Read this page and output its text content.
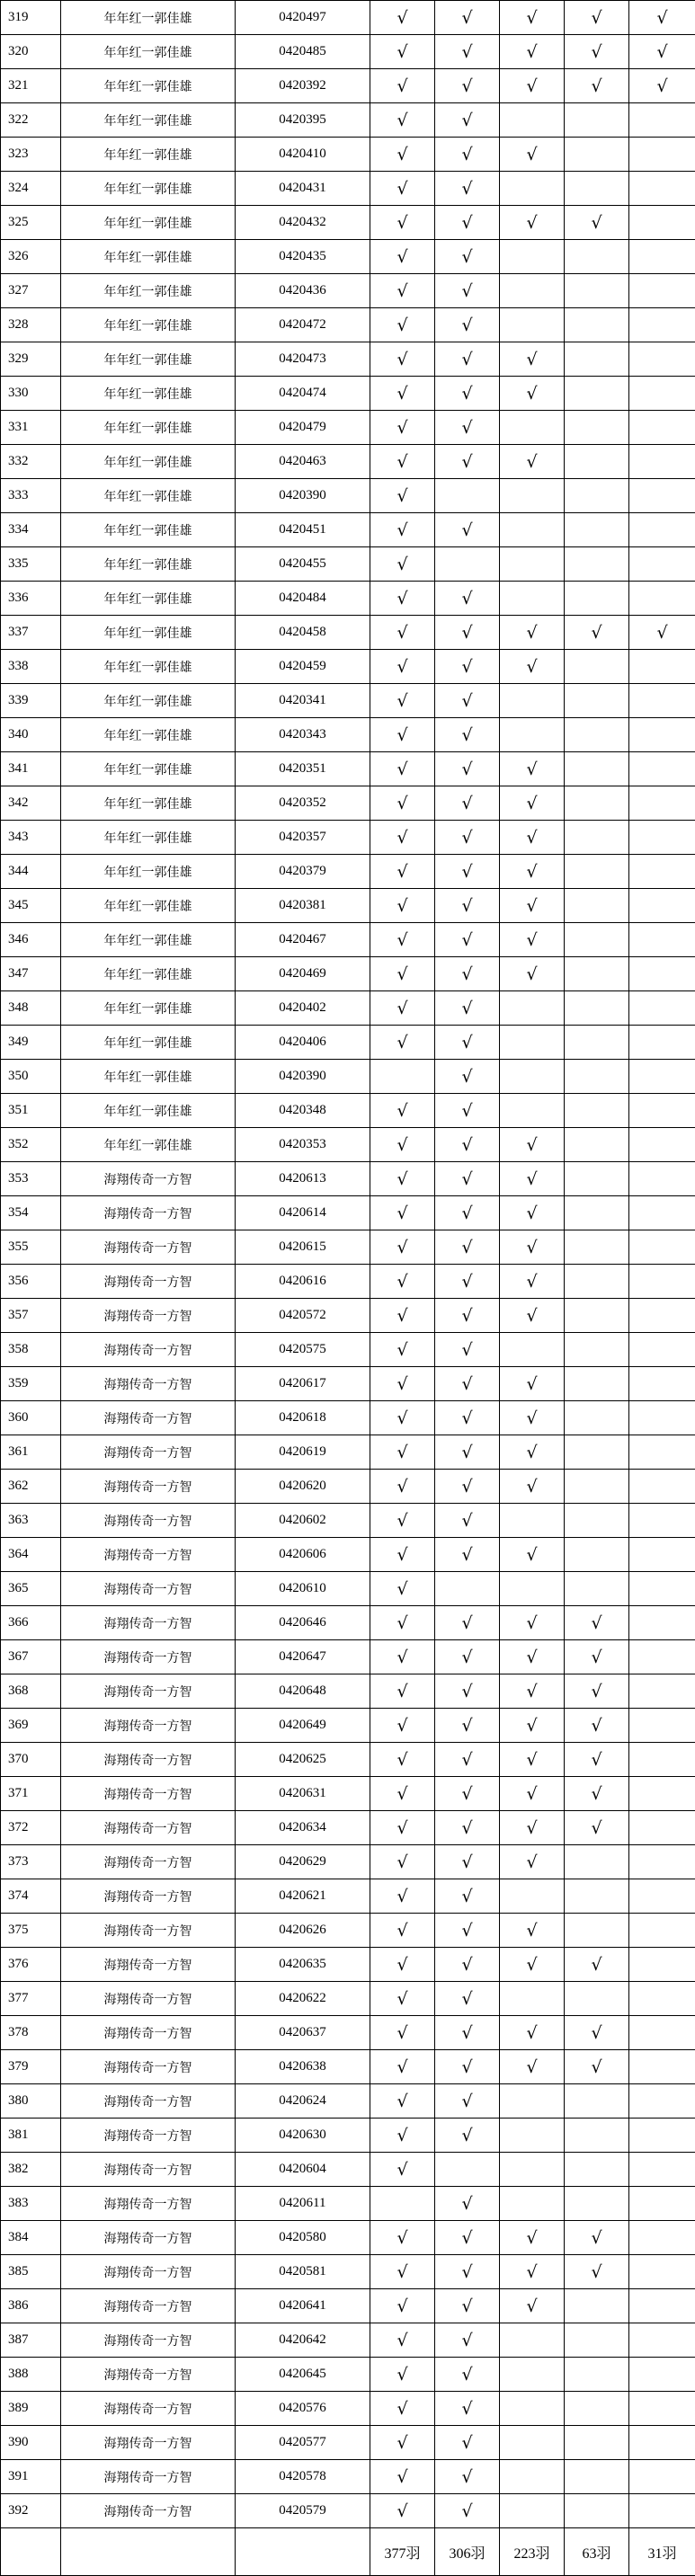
319	年年红一郭佳雄	0420497	√	√	√	√	√
320	年年红一郭佳雄	0420485	√	√	√	√	√
321	年年红一郭佳雄	0420392	√	√	√	√	√
322	年年红一郭佳雄	0420395	√	√			
323	年年红一郭佳雄	0420410	√	√	√		
324	年年红一郭佳雄	0420431	√	√			
325	年年红一郭佳雄	0420432	√	√	√	√	
326	年年红一郭佳雄	0420435	√	√			
327	年年红一郭佳雄	0420436	√	√			
328	年年红一郭佳雄	0420472	√	√			
329	年年红一郭佳雄	0420473	√	√	√		
330	年年红一郭佳雄	0420474	√	√	√		
331	年年红一郭佳雄	0420479	√	√			
332	年年红一郭佳雄	0420463	√	√	√		
333	年年红一郭佳雄	0420390	√				
334	年年红一郭佳雄	0420451	√	√			
335	年年红一郭佳雄	0420455	√				
336	年年红一郭佳雄	0420484	√	√			
337	年年红一郭佳雄	0420458	√	√	√	√	√
338	年年红一郭佳雄	0420459	√	√	√		
339	年年红一郭佳雄	0420341	√	√			
340	年年红一郭佳雄	0420343	√	√			
341	年年红一郭佳雄	0420351	√	√	√		
342	年年红一郭佳雄	0420352	√	√	√		
343	年年红一郭佳雄	0420357	√	√	√		
344	年年红一郭佳雄	0420379	√	√	√		
345	年年红一郭佳雄	0420381	√	√	√		
346	年年红一郭佳雄	0420467	√	√	√		
347	年年红一郭佳雄	0420469	√	√	√		
348	年年红一郭佳雄	0420402	√	√			
349	年年红一郭佳雄	0420406	√	√			
350	年年红一郭佳雄	0420390		√			
351	年年红一郭佳雄	0420348	√	√			
352	年年红一郭佳雄	0420353	√	√	√		
353	海翔传奇一方智	0420613	√	√	√		
354	海翔传奇一方智	0420614	√	√	√		
355	海翔传奇一方智	0420615	√	√	√		
356	海翔传奇一方智	0420616	√	√	√		
357	海翔传奇一方智	0420572	√	√	√		
358	海翔传奇一方智	0420575	√	√			
359	海翔传奇一方智	0420617	√	√	√		
360	海翔传奇一方智	0420618	√	√	√		
361	海翔传奇一方智	0420619	√	√	√		
362	海翔传奇一方智	0420620	√	√	√		
363	海翔传奇一方智	0420602	√	√			
364	海翔传奇一方智	0420606	√	√	√		
365	海翔传奇一方智	0420610	√				
366	海翔传奇一方智	0420646	√	√	√	√	
367	海翔传奇一方智	0420647	√	√	√	√	
368	海翔传奇一方智	0420648	√	√	√	√	
369	海翔传奇一方智	0420649	√	√	√	√	
370	海翔传奇一方智	0420625	√	√	√	√	
371	海翔传奇一方智	0420631	√	√	√	√	
372	海翔传奇一方智	0420634	√	√	√	√	
373	海翔传奇一方智	0420629	√	√	√		
374	海翔传奇一方智	0420621	√	√			
375	海翔传奇一方智	0420626	√	√	√		
376	海翔传奇一方智	0420635	√	√	√	√	
377	海翔传奇一方智	0420622	√	√			
378	海翔传奇一方智	0420637	√	√	√	√	
379	海翔传奇一方智	0420638	√	√	√	√	
380	海翔传奇一方智	0420624	√	√			
381	海翔传奇一方智	0420630	√	√			
382	海翔传奇一方智	0420604	√				
383	海翔传奇一方智	0420611		√			
384	海翔传奇一方智	0420580	√	√	√	√	
385	海翔传奇一方智	0420581	√	√	√	√	
386	海翔传奇一方智	0420641	√	√	√		
387	海翔传奇一方智	0420642	√	√			
388	海翔传奇一方智	0420645	√	√			
389	海翔传奇一方智	0420576	√	√			
390	海翔传奇一方智	0420577	√	√			
391	海翔传奇一方智	0420578	√	√			
392	海翔传奇一方智	0420579	√	√			
			377羽	306羽	223羽	63羽	31羽
